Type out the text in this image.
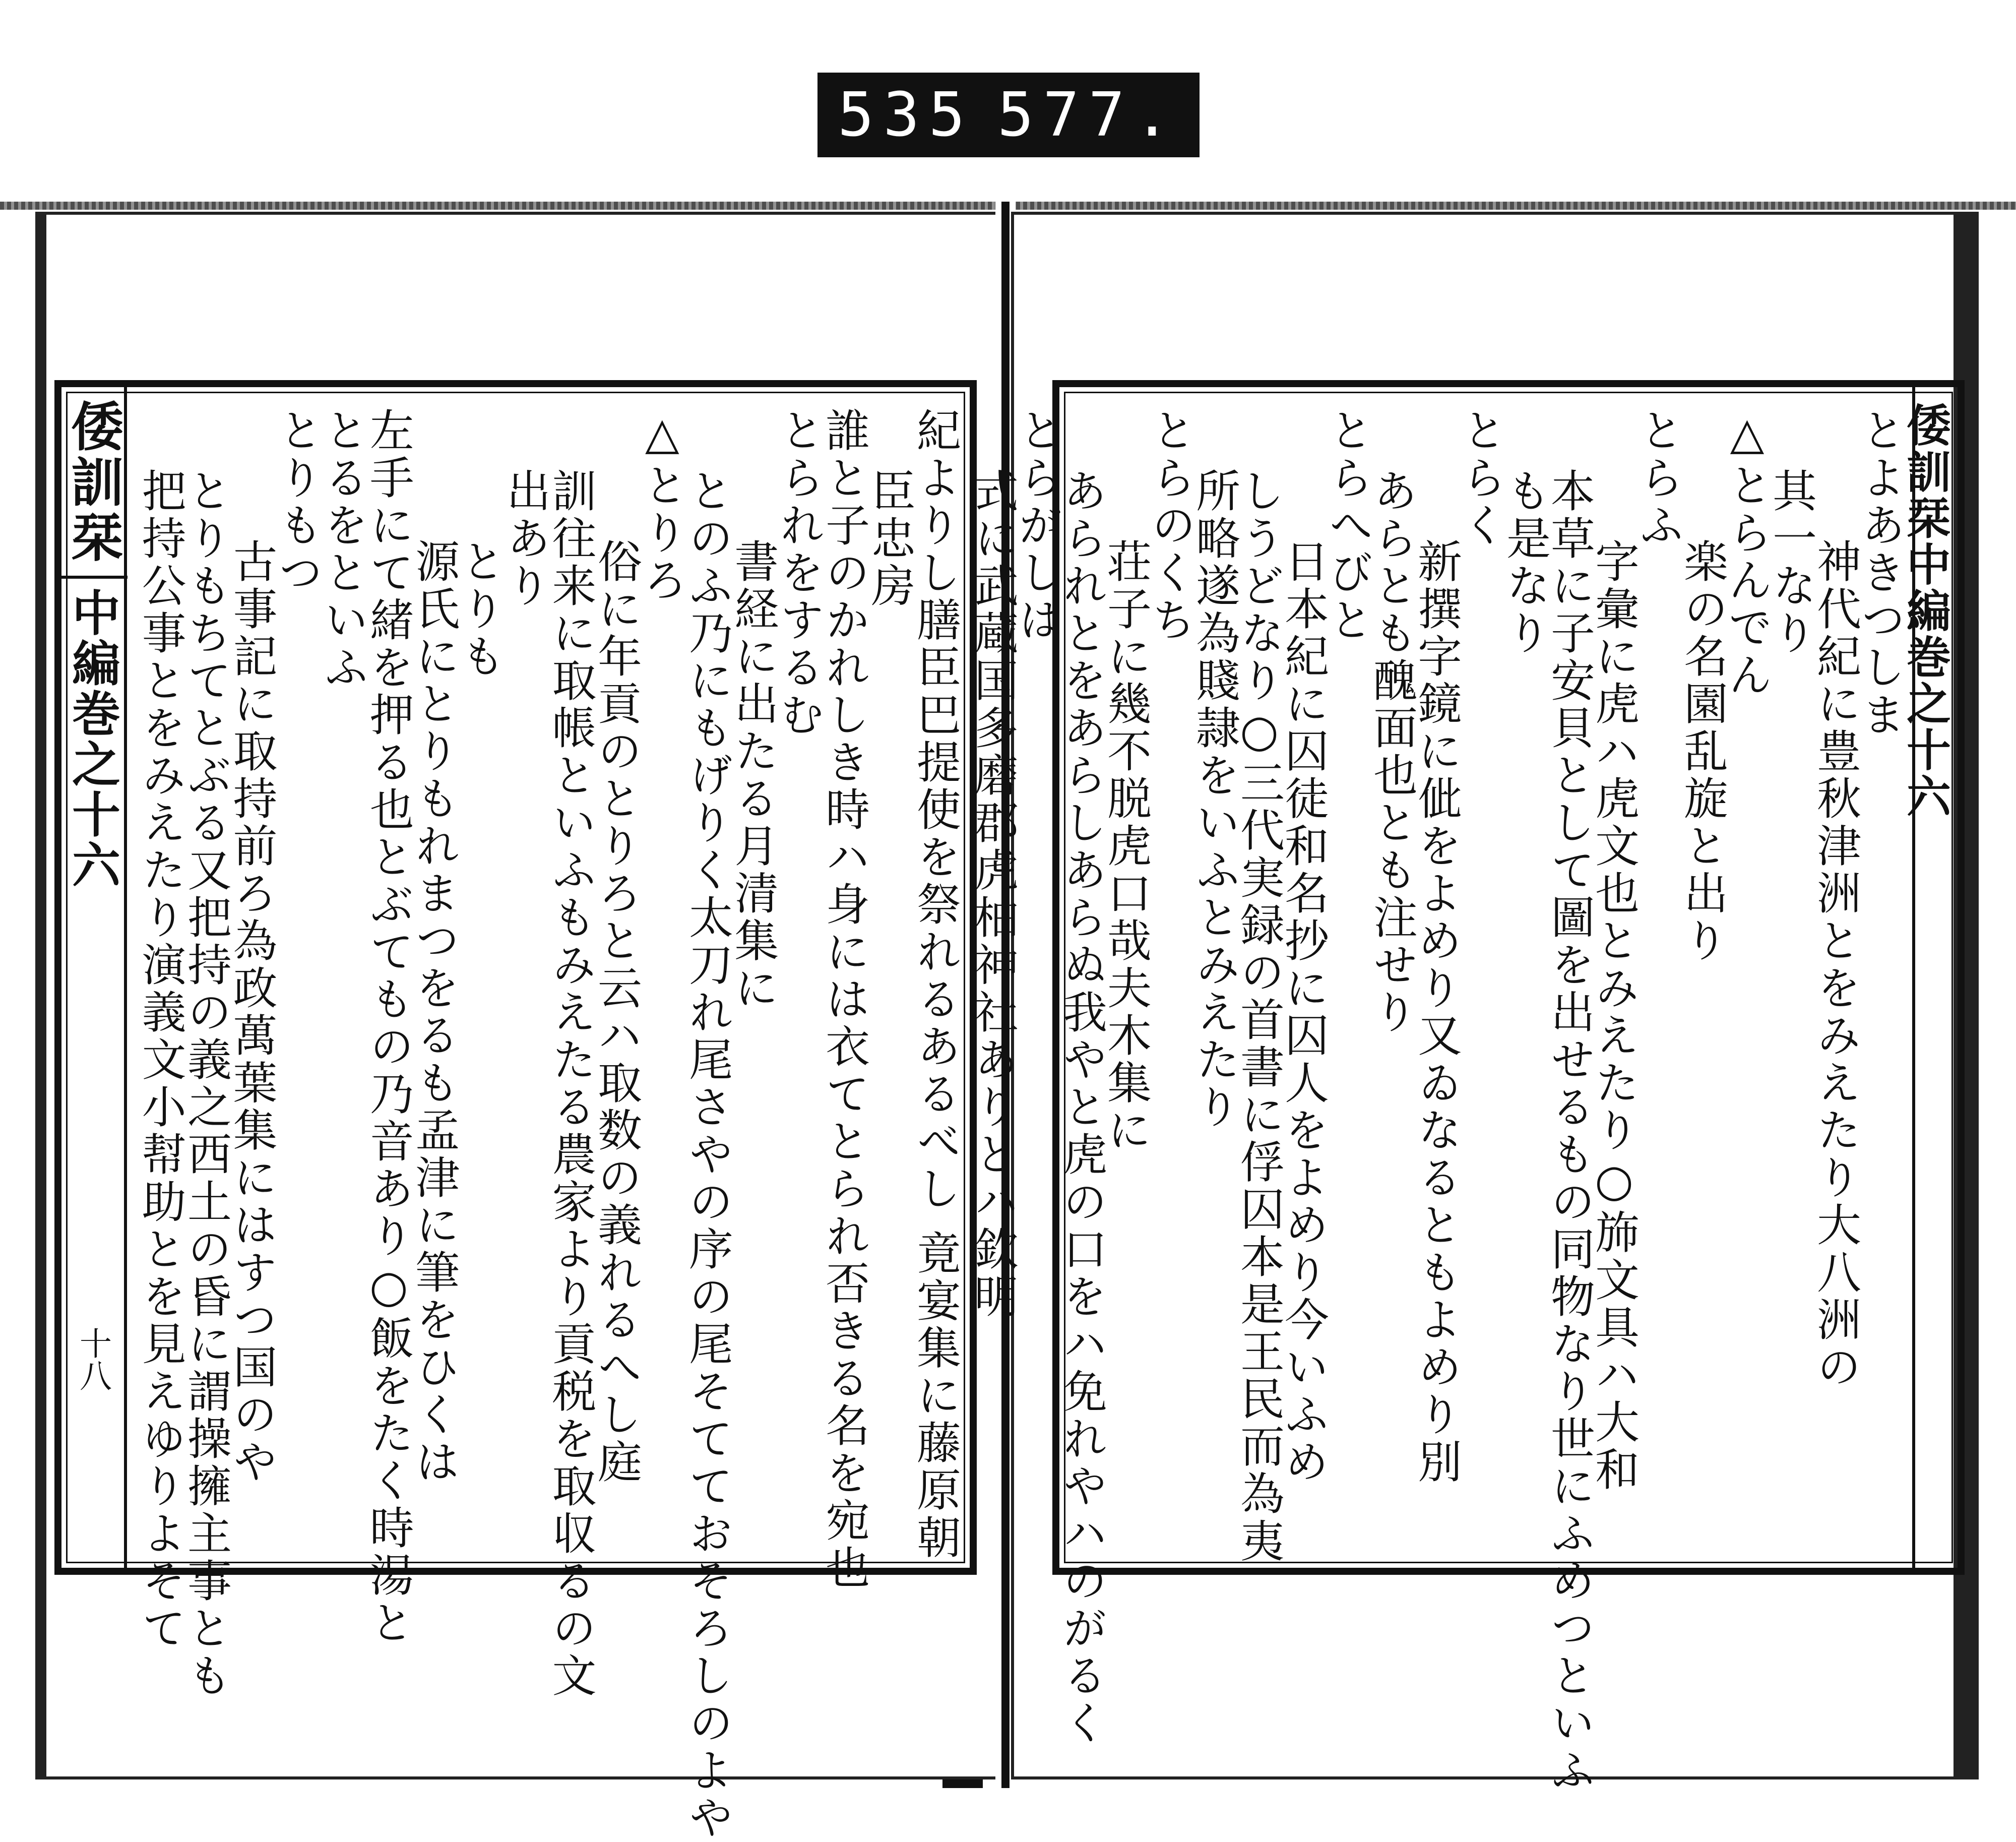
535 577.
倭訓栞
中編巻之十六
十八	紀よりし膳臣巴提使を祭れるあるべし 竟宴集に藤原朝
臣忠房
誰と子のかれしき時ハ身には衣てとられ否きる名を宛也
とられをするむ
書経に出たる月清集に
とのふ乃にもげりく太刀れ尾さやの序の尾そてておそろしのよや
△とりろ
俗に年貢のとりろと云ハ取数の義れるへし庭
訓往来に取帳といふもみえたる農家より貢税を取収るの文
出あり
とりも
源氏にとりもれまつをるも孟津に筆をひくは
左手にて緒を押る也とぶてもの乃音あり○飯をたく時湯と
とるをといふ
とりもつ
古事記に取持前ろ為政萬葉集にはすつ国のや
とりもちてとぶる又把持の義之西土の昏に謂操擁主事とも
把持公事とをみえたり演義文小幇助とを見えゆりよそて	倭訓栞中編巻之十六
とよあきつしま
神代紀に豊秋津洲とをみえたり大八洲の
其一なり
△とらんでん
楽の名園乱旋と出り
とらふ
字彙に虎ハ虎文也とみえたり○斾文具ハ大和
本草に子安貝として圖を出せるもの同物なり世にふめつといふ
も是なり
とらく
新撰字鏡に佌をよめり又ゐなるともよめり別
あらとも醜面也とも注せり
とらへびと
日本紀に囚徒和名抄に囚人をよめり今いふめ
しうどなり○三代実録の首書に俘囚本是王民而為夷
所略遂為賤隷をいふとみえたり
とらのくち
荘子に幾不脱虎口哉夫木集に
あられとをあらしあらぬ我やと虎の口をハ免れやハのがるく
とらがしは
式に武蔵国多磨郡虎柏神社ありとハ欽明
